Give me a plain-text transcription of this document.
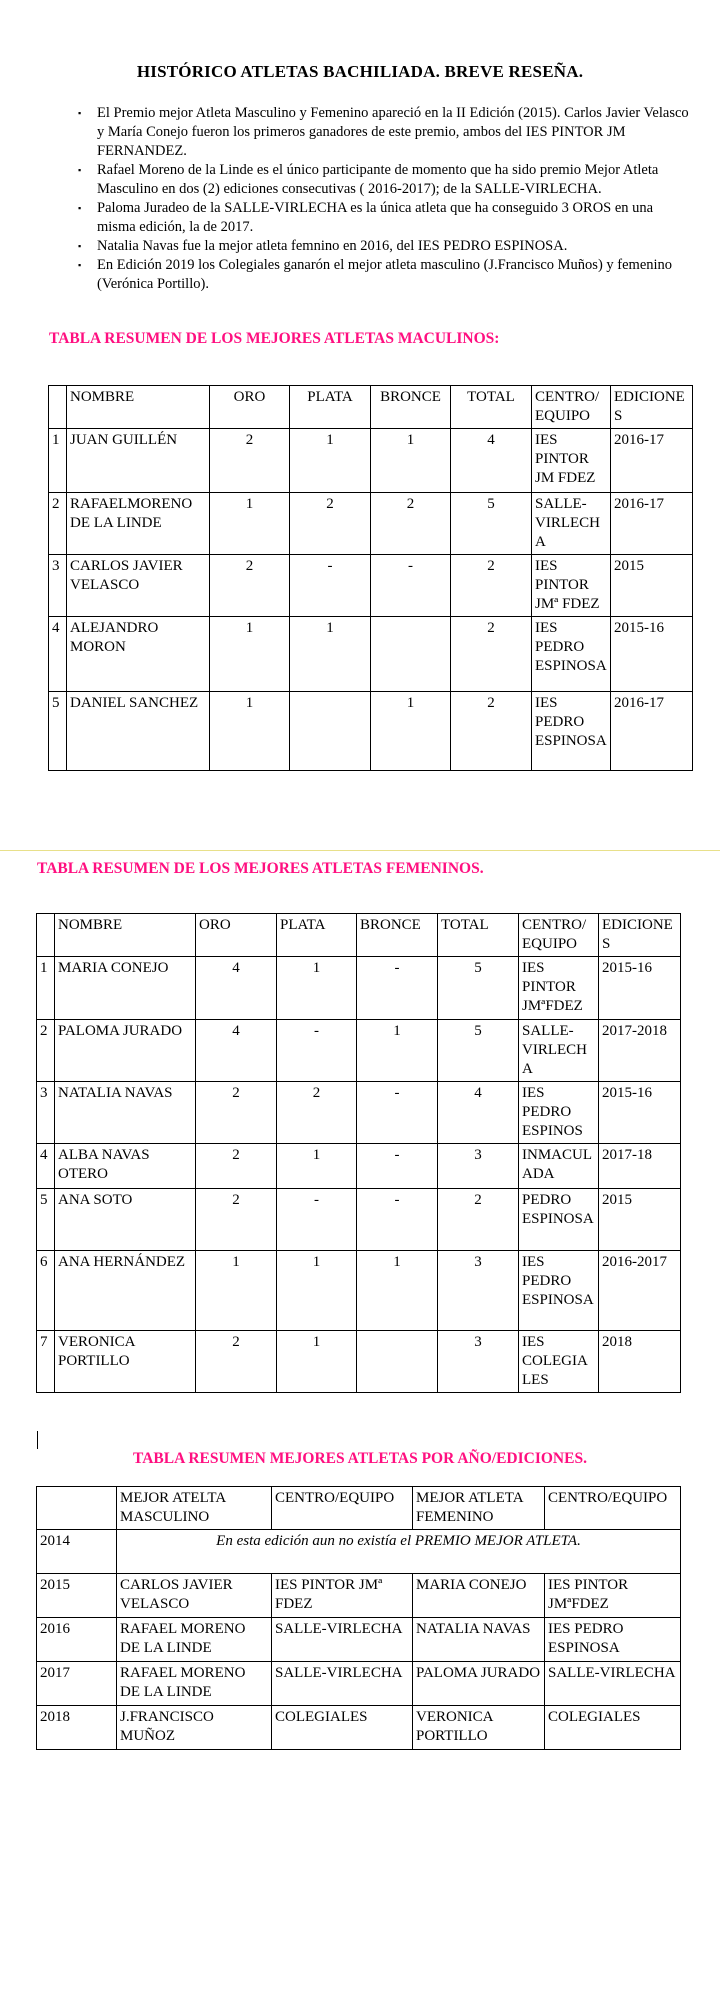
HISTÓRICO ATLETAS BACHILIADA. BREVE RESEÑA.
▪ El Premio mejor Atleta Masculino y Femenino apareció en la II Edición (2015). Carlos Javier Velasco y María Conejo fueron los primeros ganadores de este premio, ambos del IES PINTOR JM FERNANDEZ.
▪ Rafael Moreno de la Linde es el único participante de momento que ha sido premio Mejor Atleta Masculino en dos (2) ediciones consecutivas ( 2016-2017); de la SALLE-VIRLECHA.
▪ Paloma Juradeo de la SALLE-VIRLECHA es la única atleta que ha conseguido 3 OROS en una misma edición, la de 2017.
▪ Natalia Navas fue la mejor atleta femnino en 2016, del IES PEDRO ESPINOSA.
▪ En Edición 2019 los Colegiales ganarón el mejor atleta masculino (J.Francisco Muños) y femenino (Verónica Portillo).
TABLA RESUMEN DE LOS MEJORES ATLETAS MACULINOS:
	NOMBRE	ORO	PLATA	BRONCE	TOTAL	CENTRO/ EQUIPO	EDICIONES
1	JUAN GUILLÉN	2	1	1	4	IES PINTOR JM FDEZ	2016-17
2	RAFAELMORENO DE LA LINDE	1	2	2	5	SALLE-VIRLECHA	2016-17
3	CARLOS JAVIER VELASCO	2	-	-	2	IES PINTOR JMª FDEZ	2015
4	ALEJANDRO MORON	1	1		2	IES PEDRO ESPINOSA	2015-16
5	DANIEL SANCHEZ	1		1	2	IES PEDRO ESPINOSA	2016-17
TABLA RESUMEN DE LOS MEJORES ATLETAS FEMENINOS.
	NOMBRE	ORO	PLATA	BRONCE	TOTAL	CENTRO/ EQUIPO	EDICIONES
1	MARIA CONEJO	4	1	-	5	IES PINTOR JMªFDEZ	2015-16
2	PALOMA JURADO	4	-	1	5	SALLE-VIRLECHA	2017-2018
3	NATALIA NAVAS	2	2	-	4	IES PEDRO ESPINOS	2015-16
4	ALBA NAVAS OTERO	2	1	-	3	INMACULADA	2017-18
5	ANA SOTO	2	-	-	2	PEDRO ESPINOSA	2015
6	ANA HERNÁNDEZ	1	1	1	3	IES PEDRO ESPINOSA	2016-2017
7	VERONICA PORTILLO	2	1		3	IES COLEGIALES	2018
TABLA RESUMEN MEJORES ATLETAS POR AÑO/EDICIONES.
	MEJOR ATELTA MASCULINO	CENTRO/EQUIPO	MEJOR ATLETA FEMENINO	CENTRO/EQUIPO
2014	En esta edición aun no existía el PREMIO MEJOR ATLETA.			
2015	CARLOS JAVIER VELASCO	IES PINTOR JMª FDEZ	MARIA CONEJO	IES PINTOR JMªFDEZ
2016	RAFAEL MORENO DE LA LINDE	SALLE-VIRLECHA	NATALIA NAVAS	IES PEDRO ESPINOSA
2017	RAFAEL MORENO DE LA LINDE	SALLE-VIRLECHA	PALOMA JURADO	SALLE-VIRLECHA
2018	J.FRANCISCO MUÑOZ	COLEGIALES	VERONICA PORTILLO	COLEGIALES
